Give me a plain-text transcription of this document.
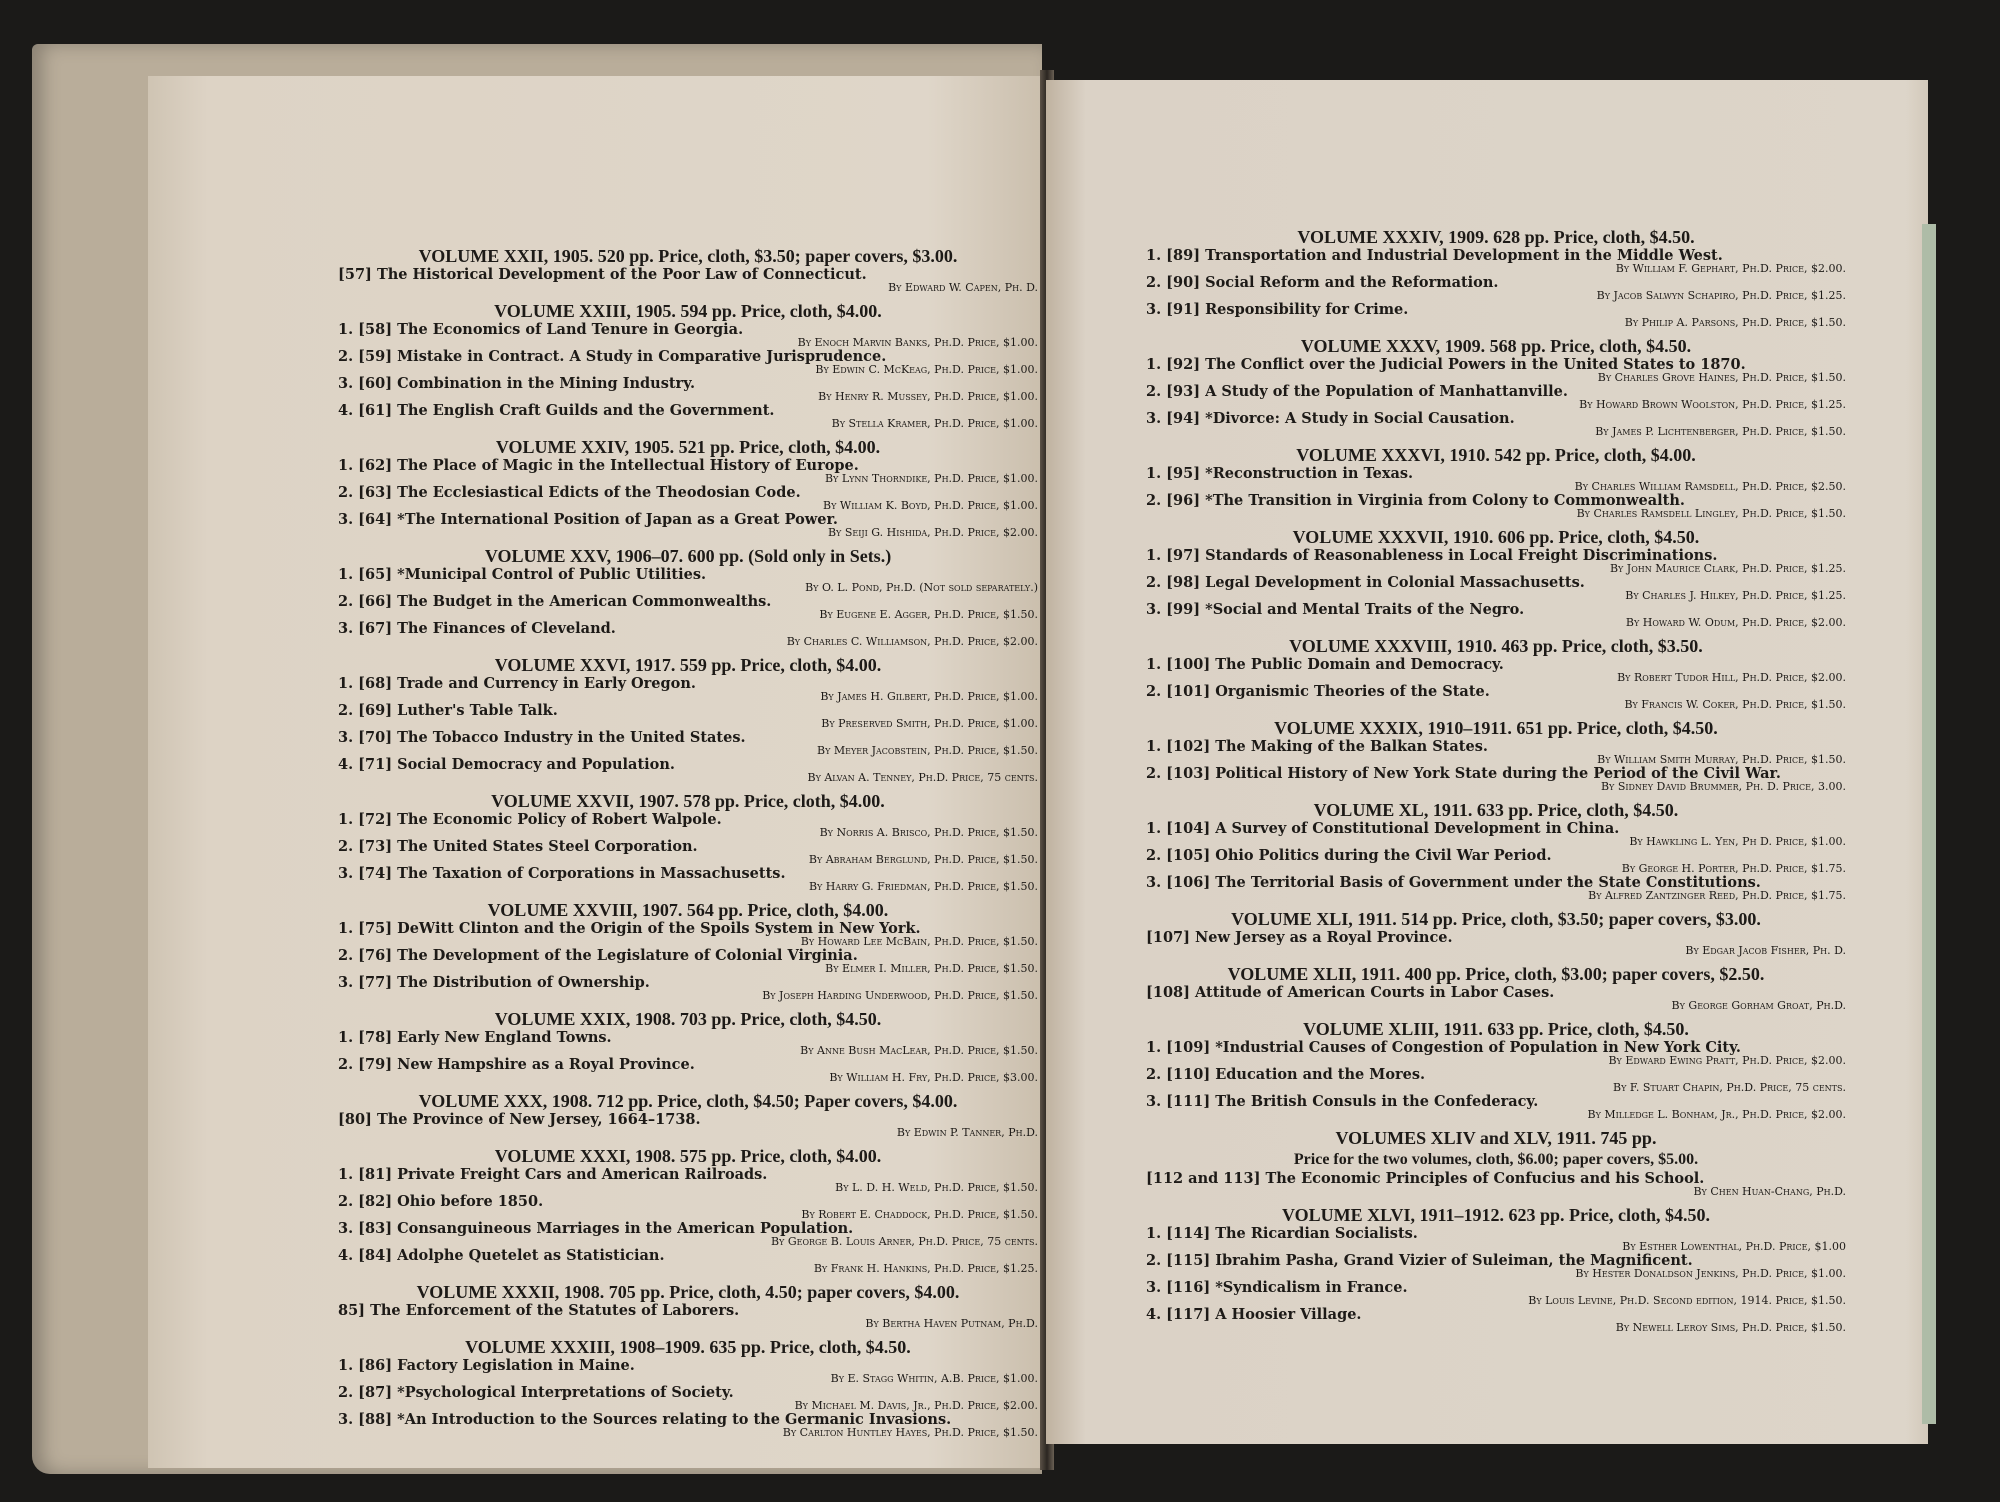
VOLUME XXII, 1905. 520 pp. Price, cloth, $3.50; paper covers, $3.00.
[57] The Historical Development of the Poor Law of Connecticut.
By Edward W. Capen, Ph. D.
VOLUME XXIII, 1905. 594 pp. Price, cloth, $4.00.
1. [58] The Economics of Land Tenure in Georgia.
By Enoch Marvin Banks, Ph.D. Price, $1.00.
2. [59] Mistake in Contract. A Study in Comparative Jurisprudence.
By Edwin C. McKeag, Ph.D. Price, $1.00.
3. [60] Combination in the Mining Industry.
By Henry R. Mussey, Ph.D. Price, $1.00.
4. [61] The English Craft Guilds and the Government.
By Stella Kramer, Ph.D. Price, $1.00.
VOLUME XXIV, 1905. 521 pp. Price, cloth, $4.00.
1. [62] The Place of Magic in the Intellectual History of Europe.
By Lynn Thorndike, Ph.D. Price, $1.00.
2. [63] The Ecclesiastical Edicts of the Theodosian Code.
By William K. Boyd, Ph.D. Price, $1.00.
3. [64] *The International Position of Japan as a Great Power.
By Seiji G. Hishida, Ph.D. Price, $2.00.
VOLUME XXV, 1906–07. 600 pp. (Sold only in Sets.)
1. [65] *Municipal Control of Public Utilities.
By O. L. Pond, Ph.D. (Not sold separately.)
2. [66] The Budget in the American Commonwealths.
By Eugene E. Agger, Ph.D. Price, $1.50.
3. [67] The Finances of Cleveland.
By Charles C. Williamson, Ph.D. Price, $2.00.
VOLUME XXVI, 1917. 559 pp. Price, cloth, $4.00.
1. [68] Trade and Currency in Early Oregon.
By James H. Gilbert, Ph.D. Price, $1.00.
2. [69] Luther's Table Talk.
By Preserved Smith, Ph.D. Price, $1.00.
3. [70] The Tobacco Industry in the United States.
By Meyer Jacobstein, Ph.D. Price, $1.50.
4. [71] Social Democracy and Population.
By Alvan A. Tenney, Ph.D. Price, 75 cents.
VOLUME XXVII, 1907. 578 pp. Price, cloth, $4.00.
1. [72] The Economic Policy of Robert Walpole.
By Norris A. Brisco, Ph.D. Price, $1.50.
2. [73] The United States Steel Corporation.
By Abraham Berglund, Ph.D. Price, $1.50.
3. [74] The Taxation of Corporations in Massachusetts.
By Harry G. Friedman, Ph.D. Price, $1.50.
VOLUME XXVIII, 1907. 564 pp. Price, cloth, $4.00.
1. [75] DeWitt Clinton and the Origin of the Spoils System in New York.
By Howard Lee McBain, Ph.D. Price, $1.50.
2. [76] The Development of the Legislature of Colonial Virginia.
By Elmer I. Miller, Ph.D. Price, $1.50.
3. [77] The Distribution of Ownership.
By Joseph Harding Underwood, Ph.D. Price, $1.50.
VOLUME XXIX, 1908. 703 pp. Price, cloth, $4.50.
1. [78] Early New England Towns.
By Anne Bush MacLear, Ph.D. Price, $1.50.
2. [79] New Hampshire as a Royal Province.
By William H. Fry, Ph.D. Price, $3.00.
VOLUME XXX, 1908. 712 pp. Price, cloth, $4.50; Paper covers, $4.00.
[80] The Province of New Jersey, 1664–1738.
By Edwin P. Tanner, Ph.D.
VOLUME XXXI, 1908. 575 pp. Price, cloth, $4.00.
1. [81] Private Freight Cars and American Railroads.
By L. D. H. Weld, Ph.D. Price, $1.50.
2. [82] Ohio before 1850.
By Robert E. Chaddock, Ph.D. Price, $1.50.
3. [83] Consanguineous Marriages in the American Population.
By George B. Louis Arner, Ph.D. Price, 75 cents.
4. [84] Adolphe Quetelet as Statistician.
By Frank H. Hankins, Ph.D. Price, $1.25.
VOLUME XXXII, 1908. 705 pp. Price, cloth, 4.50; paper covers, $4.00.
85] The Enforcement of the Statutes of Laborers.
By Bertha Haven Putnam, Ph.D.
VOLUME XXXIII, 1908–1909. 635 pp. Price, cloth, $4.50.
1. [86] Factory Legislation in Maine.
By E. Stagg Whitin, A.B. Price, $1.00.
2. [87] *Psychological Interpretations of Society.
By Michael M. Davis, Jr., Ph.D. Price, $2.00.
3. [88] *An Introduction to the Sources relating to the Germanic Invasions.
By Carlton Huntley Hayes, Ph.D. Price, $1.50.
VOLUME XXXIV, 1909. 628 pp. Price, cloth, $4.50.
1. [89] Transportation and Industrial Development in the Middle West.
By William F. Gephart, Ph.D. Price, $2.00.
2. [90] Social Reform and the Reformation.
By Jacob Salwyn Schapiro, Ph.D. Price, $1.25.
3. [91] Responsibility for Crime.
By Philip A. Parsons, Ph.D. Price, $1.50.
VOLUME XXXV, 1909. 568 pp. Price, cloth, $4.50.
1. [92] The Conflict over the Judicial Powers in the United States to 1870.
By Charles Grove Haines, Ph.D. Price, $1.50.
2. [93] A Study of the Population of Manhattanville.
By Howard Brown Woolston, Ph.D. Price, $1.25.
3. [94] *Divorce: A Study in Social Causation.
By James P. Lichtenberger, Ph.D. Price, $1.50.
VOLUME XXXVI, 1910. 542 pp. Price, cloth, $4.00.
1. [95] *Reconstruction in Texas.
By Charles William Ramsdell, Ph.D. Price, $2.50.
2. [96] *The Transition in Virginia from Colony to Commonwealth.
By Charles Ramsdell Lingley, Ph.D. Price, $1.50.
VOLUME XXXVII, 1910. 606 pp. Price, cloth, $4.50.
1. [97] Standards of Reasonableness in Local Freight Discriminations.
By John Maurice Clark, Ph.D. Price, $1.25.
2. [98] Legal Development in Colonial Massachusetts.
By Charles J. Hilkey, Ph.D. Price, $1.25.
3. [99] *Social and Mental Traits of the Negro.
By Howard W. Odum, Ph.D. Price, $2.00.
VOLUME XXXVIII, 1910. 463 pp. Price, cloth, $3.50.
1. [100] The Public Domain and Democracy.
By Robert Tudor Hill, Ph.D. Price, $2.00.
2. [101] Organismic Theories of the State.
By Francis W. Coker, Ph.D. Price, $1.50.
VOLUME XXXIX, 1910–1911. 651 pp. Price, cloth, $4.50.
1. [102] The Making of the Balkan States.
By William Smith Murray, Ph.D. Price, $1.50.
2. [103] Political History of New York State during the Period of the Civil War.
By Sidney David Brummer, Ph. D. Price, 3.00.
VOLUME XL, 1911. 633 pp. Price, cloth, $4.50.
1. [104] A Survey of Constitutional Development in China.
By Hawkling L. Yen, Ph D. Price, $1.00.
2. [105] Ohio Politics during the Civil War Period.
By George H. Porter, Ph.D. Price, $1.75.
3. [106] The Territorial Basis of Government under the State Constitutions.
By Alfred Zantzinger Reed, Ph.D. Price, $1.75.
VOLUME XLI, 1911. 514 pp. Price, cloth, $3.50; paper covers, $3.00.
[107] New Jersey as a Royal Province.
By Edgar Jacob Fisher, Ph. D.
VOLUME XLII, 1911. 400 pp. Price, cloth, $3.00; paper covers, $2.50.
[108] Attitude of American Courts in Labor Cases.
By George Gorham Groat, Ph.D.
VOLUME XLIII, 1911. 633 pp. Price, cloth, $4.50.
1. [109] *Industrial Causes of Congestion of Population in New York City.
By Edward Ewing Pratt, Ph.D. Price, $2.00.
2. [110] Education and the Mores.
By F. Stuart Chapin, Ph.D. Price, 75 cents.
3. [111] The British Consuls in the Confederacy.
By Milledge L. Bonham, Jr., Ph.D. Price, $2.00.
VOLUMES XLIV and XLV, 1911. 745 pp.
Price for the two volumes, cloth, $6.00; paper covers, $5.00.
[112 and 113] The Economic Principles of Confucius and his School.
By Chen Huan-Chang, Ph.D.
VOLUME XLVI, 1911–1912. 623 pp. Price, cloth, $4.50.
1. [114] The Ricardian Socialists.
By Esther Lowenthal, Ph.D. Price, $1.00
2. [115] Ibrahim Pasha, Grand Vizier of Suleiman, the Magnificent.
By Hester Donaldson Jenkins, Ph.D. Price, $1.00.
3. [116] *Syndicalism in France.
By Louis Levine, Ph.D. Second edition, 1914. Price, $1.50.
4. [117] A Hoosier Village.
By Newell Leroy Sims, Ph.D. Price, $1.50.
